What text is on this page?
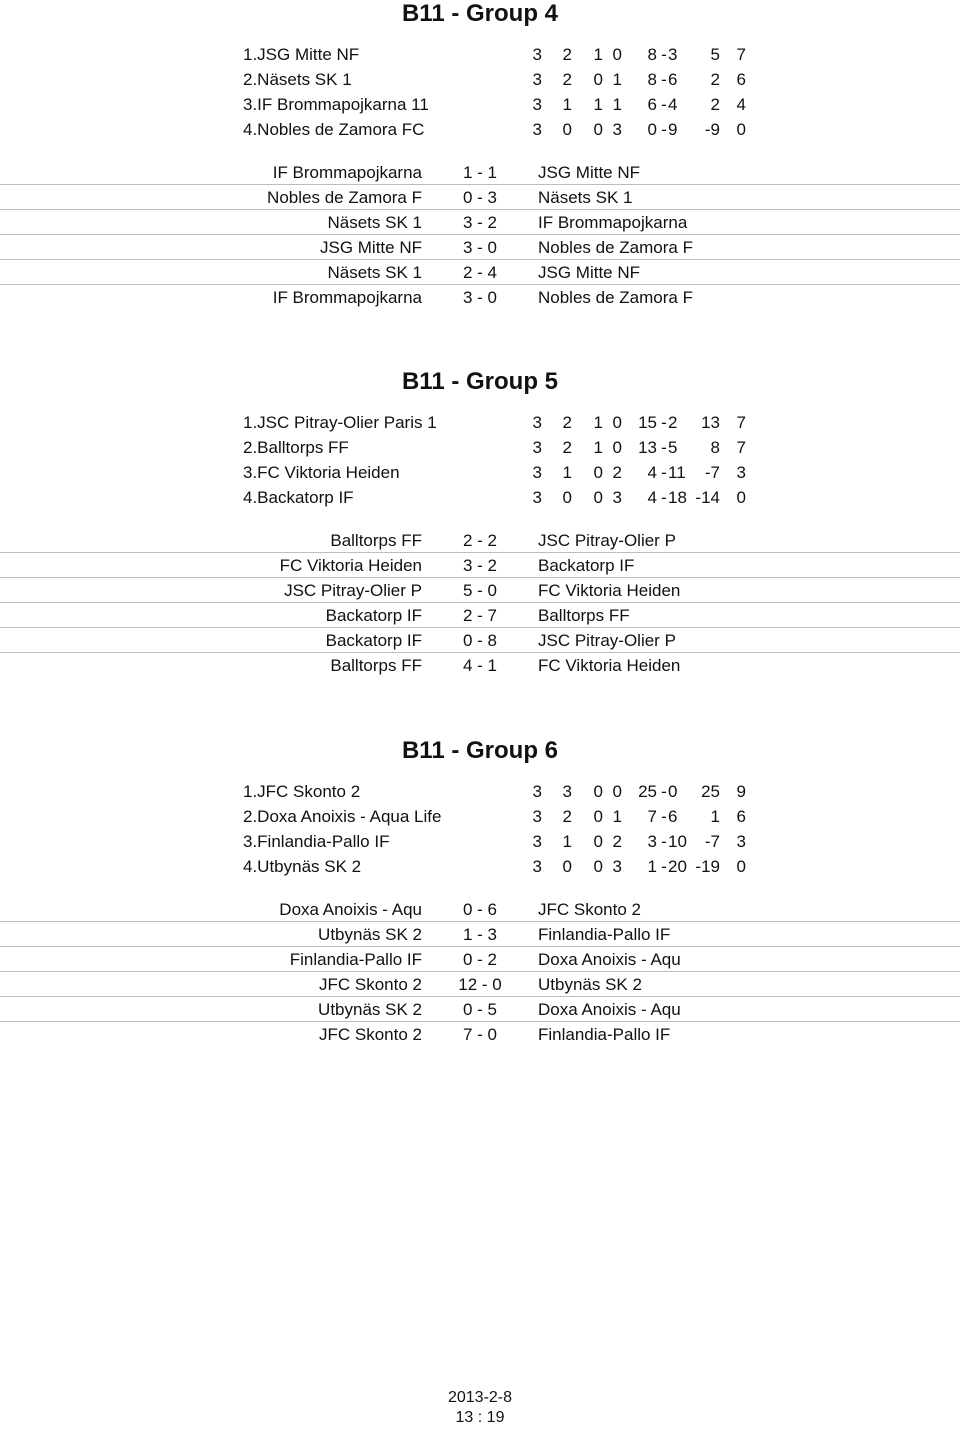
B11 - Group 4
1.JSG Mitte NF	3	2	1 0	8 - 3	5 7
2.Näsets SK 1	3	2	0 1	8 - 6	2 6
3.IF Brommapojkarna 11	3	1	1 1	6 - 4	2 4
4.Nobles de Zamora FC	3	0	0 3	0 - 9	-9 0
IF Brommapojkarna	1 - 1	JSG Mitte NF
Nobles de Zamora F	0 - 3	Näsets SK 1
Näsets SK 1	3 - 2	IF Brommapojkarna
JSG Mitte NF	3 - 0	Nobles de Zamora F
Näsets SK 1	2 - 4	JSG Mitte NF
IF Brommapojkarna	3 - 0	Nobles de Zamora F
B11 - Group 5
1.JSC Pitray-Olier Paris 1	3	2	1 0 15 - 2	13 7
2.Balltorps FF	3	2	1 0 13 - 5	8 7
3.FC Viktoria Heiden	3	1	0 2	4 - 11	-7 3
4.Backatorp IF	3	0	0 3	4 - 18 -14 0
Balltorps FF	2 - 2	JSC Pitray-Olier P
FC Viktoria Heiden	3 - 2	Backatorp IF
JSC Pitray-Olier P	5 - 0	FC Viktoria Heiden
Backatorp IF	2 - 7	Balltorps FF
Backatorp IF	0 - 8	JSC Pitray-Olier P
Balltorps FF	4 - 1	FC Viktoria Heiden
B11 - Group 6
1.JFC Skonto 2	3	3	0 0 25 - 0	25 9
2.Doxa Anoixis - Aqua Life	3	2	0 1	7 - 6	1 6
3.Finlandia-Pallo IF	3	1	0 2	3 - 10	-7 3
4.Utbynäs SK 2	3	0	0 3	1 - 20 -19 0
Doxa Anoixis - Aqu	0 - 6	JFC Skonto 2
Utbynäs SK 2	1 - 3	Finlandia-Pallo IF
Finlandia-Pallo IF	0 - 2	Doxa Anoixis - Aqu
JFC Skonto 2	12 - 0	Utbynäs SK 2
Utbynäs SK 2	0 - 5	Doxa Anoixis - Aqu
JFC Skonto 2	7 - 0	Finlandia-Pallo IF
2013-2-8
13 : 19
